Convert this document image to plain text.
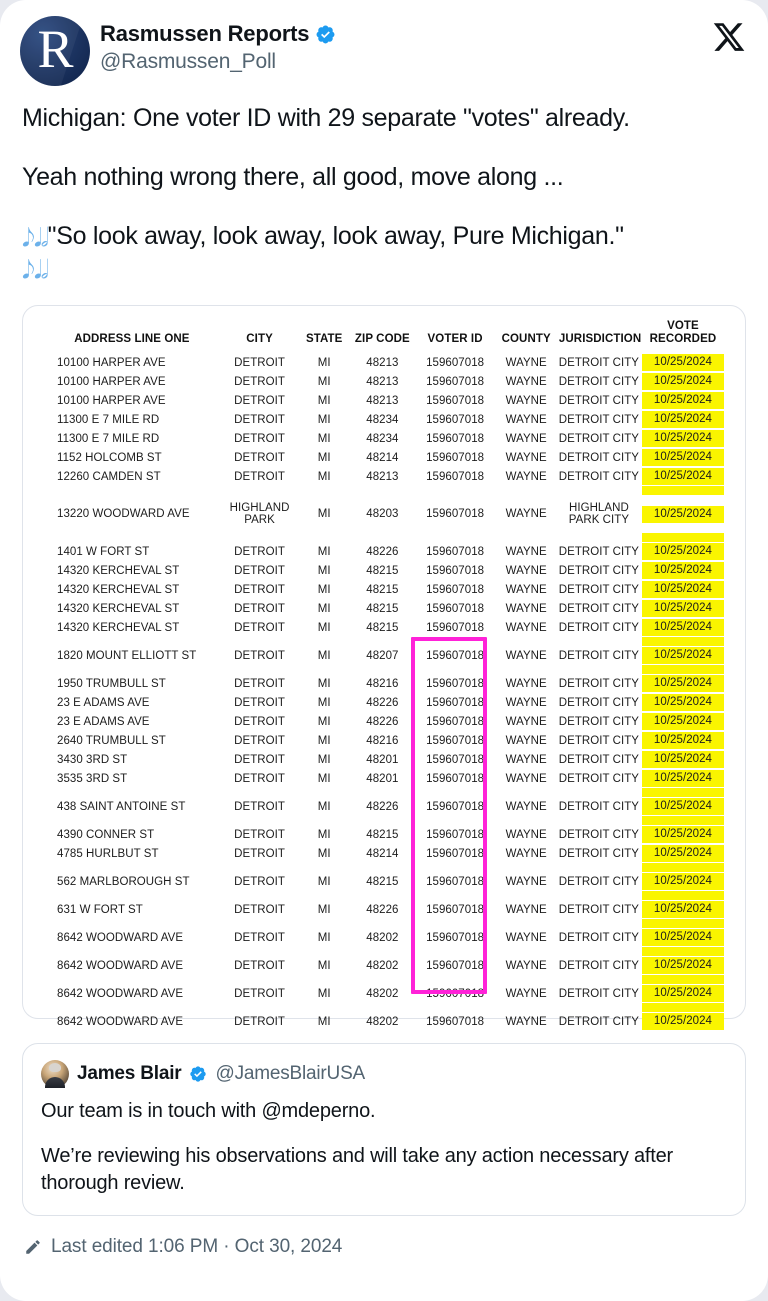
R	Rasmussen Reports
@Rasmussen_Poll

Michigan: One voter ID with 29 separate "votes" already.

Yeah nothing wrong there, all good, move along ...

𝅘𝅥𝅮𝅘𝅥𝅗𝅥"So look away, look away, look away, Pure Michigan."
𝅘𝅥𝅮𝅘𝅥𝅗𝅥

ADDRESS LINE ONE	CITY	STATE	ZIP CODE	VOTER ID	COUNTY	JURISDICTION	VOTE
RECORDED
10100 HARPER AVE	DETROIT	MI	48213	159607018	WAYNE	DETROIT CITY	10/25/2024

10100 HARPER AVE	DETROIT	MI	48213	159607018	WAYNE	DETROIT CITY	10/25/2024

10100 HARPER AVE	DETROIT	MI	48213	159607018	WAYNE	DETROIT CITY	10/25/2024

11300 E 7 MILE RD	DETROIT	MI	48234	159607018	WAYNE	DETROIT CITY	10/25/2024

11300 E 7 MILE RD	DETROIT	MI	48234	159607018	WAYNE	DETROIT CITY	10/25/2024

1152 HOLCOMB ST	DETROIT	MI	48214	159607018	WAYNE	DETROIT CITY	10/25/2024

12260 CAMDEN ST	DETROIT	MI	48213	159607018	WAYNE	DETROIT CITY	10/25/2024

13220 WOODWARD AVE	HIGHLAND
PARK	MI	48203	159607018	WAYNE	HIGHLAND
PARK CITY	10/25/2024

1401 W FORT ST	DETROIT	MI	48226	159607018	WAYNE	DETROIT CITY	10/25/2024

14320 KERCHEVAL ST	DETROIT	MI	48215	159607018	WAYNE	DETROIT CITY	10/25/2024

14320 KERCHEVAL ST	DETROIT	MI	48215	159607018	WAYNE	DETROIT CITY	10/25/2024

14320 KERCHEVAL ST	DETROIT	MI	48215	159607018	WAYNE	DETROIT CITY	10/25/2024

14320 KERCHEVAL ST	DETROIT	MI	48215	159607018	WAYNE	DETROIT CITY	10/25/2024

1820 MOUNT ELLIOTT ST	DETROIT	MI	48207	159607018	WAYNE	DETROIT CITY	10/25/2024

1950 TRUMBULL ST	DETROIT	MI	48216	159607018	WAYNE	DETROIT CITY	10/25/2024

23 E ADAMS AVE	DETROIT	MI	48226	159607018	WAYNE	DETROIT CITY	10/25/2024

23 E ADAMS AVE	DETROIT	MI	48226	159607018	WAYNE	DETROIT CITY	10/25/2024

2640 TRUMBULL ST	DETROIT	MI	48216	159607018	WAYNE	DETROIT CITY	10/25/2024

3430 3RD ST	DETROIT	MI	48201	159607018	WAYNE	DETROIT CITY	10/25/2024

3535 3RD ST	DETROIT	MI	48201	159607018	WAYNE	DETROIT CITY	10/25/2024

438 SAINT ANTOINE ST	DETROIT	MI	48226	159607018	WAYNE	DETROIT CITY	10/25/2024

4390 CONNER ST	DETROIT	MI	48215	159607018	WAYNE	DETROIT CITY	10/25/2024

4785 HURLBUT ST	DETROIT	MI	48214	159607018	WAYNE	DETROIT CITY	10/25/2024

562 MARLBOROUGH ST	DETROIT	MI	48215	159607018	WAYNE	DETROIT CITY	10/25/2024

631 W FORT ST	DETROIT	MI	48226	159607018	WAYNE	DETROIT CITY	10/25/2024

8642 WOODWARD AVE	DETROIT	MI	48202	159607018	WAYNE	DETROIT CITY	10/25/2024

8642 WOODWARD AVE	DETROIT	MI	48202	159607018	WAYNE	DETROIT CITY	10/25/2024

8642 WOODWARD AVE	DETROIT	MI	48202	159607018	WAYNE	DETROIT CITY	10/25/2024

8642 WOODWARD AVE	DETROIT	MI	48202	159607018	WAYNE	DETROIT CITY	10/25/2024
James Blair @JamesBlairUSA

Our team is in touch with @mdeperno.

We’re reviewing his observations and will take any action necessary after thorough review.

Last edited 1:06 PM · Oct 30, 2024
